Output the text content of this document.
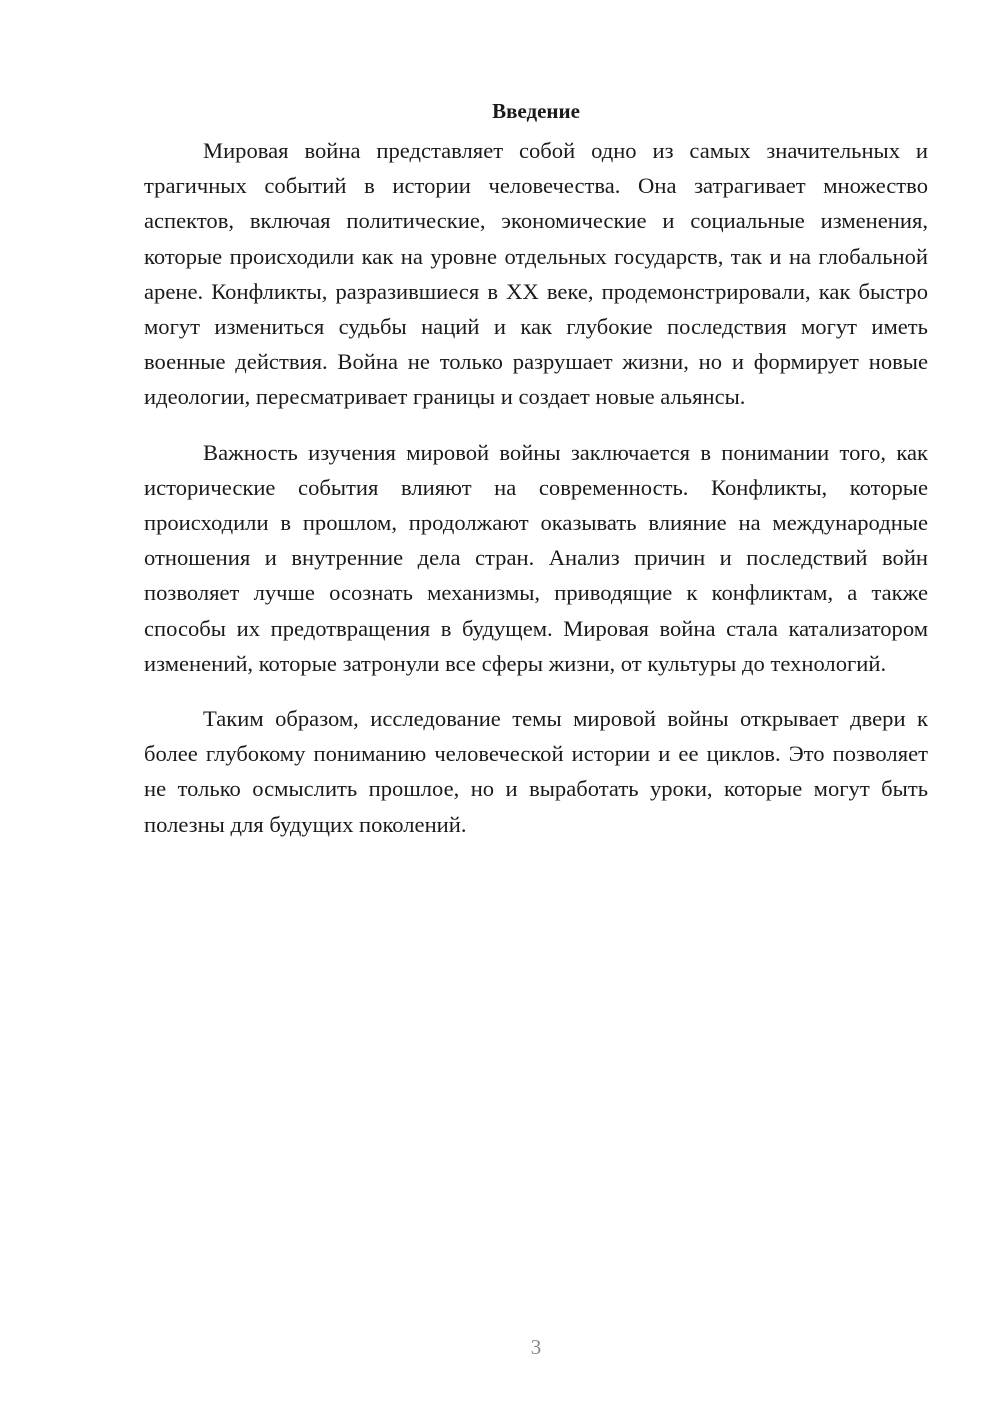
Введение

Мировая война представляет собой одно из самых значительных и трагичных событий в истории человечества. Она затрагивает множество аспектов, включая политические, экономические и социальные изменения, которые происходили как на уровне отдельных государств, так и на глобальной арене. Конфликты, разразившиеся в XX веке, продемонстрировали, как быстро могут измениться судьбы наций и как глубокие последствия могут иметь военные действия. Война не только разрушает жизни, но и формирует новые идеологии, пересматривает границы и создает новые альянсы.

Важность изучения мировой войны заключается в понимании того, как исторические события влияют на современность. Конфликты, которые происходили в прошлом, продолжают оказывать влияние на международные отношения и внутренние дела стран. Анализ причин и последствий войн позволяет лучше осознать механизмы, приводящие к конфликтам, а также способы их предотвращения в будущем. Мировая война стала катализатором изменений, которые затронули все сферы жизни, от культуры до технологий.

Таким образом, исследование темы мировой войны открывает двери к более глубокому пониманию человеческой истории и ее циклов. Это позволяет не только осмыслить прошлое, но и выработать уроки, которые могут быть полезны для будущих поколений.

3
